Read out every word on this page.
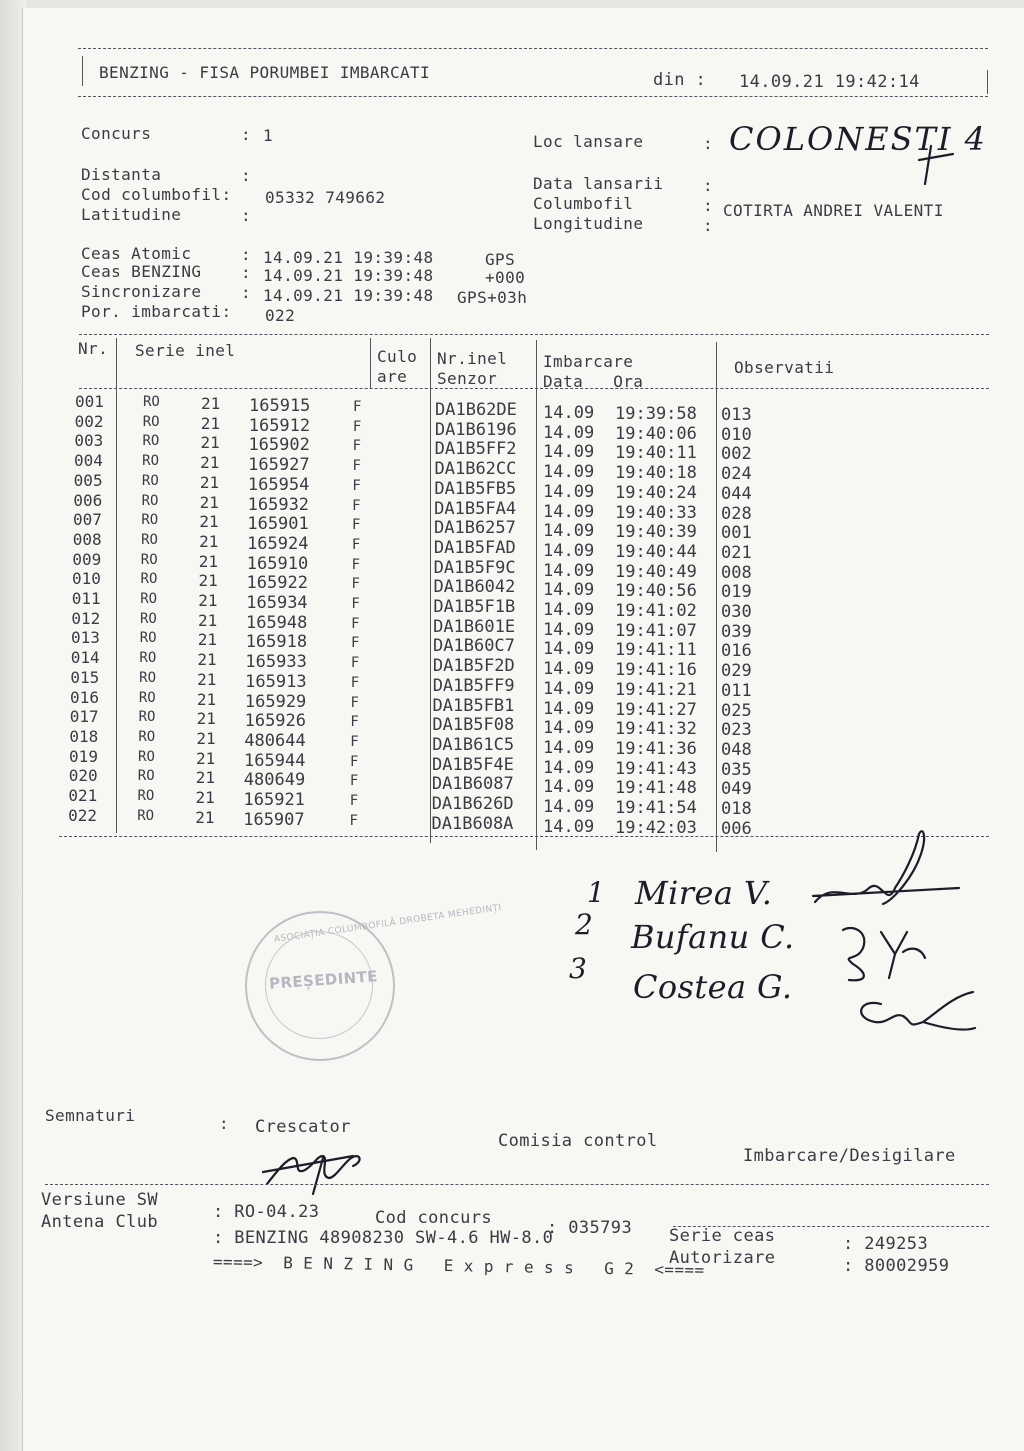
BENZING - FISA PORUMBEI IMBARCATI	din : 14.09.21 19:42:14
Concurs	: 1
Distanta	:
Cod columbofil: 05332 749662
Latitudine	:
Loc lansare	: COLONESTI 4
Data lansarii :
Columbofil	: COTIRTA ANDREI VALENTI
Longitudine	:
Ceas Atomic	: 14.09.21 19:39:48	GPS
Ceas BENZING : 14.09.21 19:39:48	+000
Sincronizare : 14.09.21 19:39:48 GPS+03h
Por. imbarcati: 022
Nr. Serie inel	Culo
are
Nr.inel
Senzor
Imbarcare
Data   Ora
Observatii
001	RO	21 165915	F	DA1B62DE 14.09 19:39:58 013
002	RO	21 165912	F	DA1B6196 14.09 19:40:06 010
003	RO	21 165902	F	DA1B5FF2 14.09 19:40:11 002
004	RO	21 165927	F	DA1B62CC 14.09 19:40:18 024
005	RO	21 165954	F	DA1B5FB5 14.09 19:40:24 044
006	RO	21 165932	F	DA1B5FA4 14.09 19:40:33 028
007	RO	21 165901	F	DA1B6257 14.09 19:40:39 001
008	RO	21 165924	F	DA1B5FAD 14.09 19:40:44 021
009	RO	21 165910	F	DA1B5F9C 14.09 19:40:49 008
010	RO	21 165922	F	DA1B6042 14.09 19:40:56 019
011	RO	21 165934	F	DA1B5F1B 14.09 19:41:02 030
012	RO	21 165948	F	DA1B601E 14.09 19:41:07 039
013	RO	21 165918	F	DA1B60C7 14.09 19:41:11 016
014	RO	21 165933	F	DA1B5F2D 14.09 19:41:16 029
015	RO	21 165913	F	DA1B5FF9 14.09 19:41:21 011
016	RO	21 165929	F	DA1B5FB1 14.09 19:41:27 025
017	RO	21 165926	F	DA1B5F08 14.09 19:41:32 023
018	RO	21 480644	F	DA1B61C5 14.09 19:41:36 048
019	RO	21 165944	F	DA1B5F4E 14.09 19:41:43 035
020	RO	21 480649	F	DA1B6087 14.09 19:41:48 049
021	RO	21 165921	F	DA1B626D 14.09 19:41:54 018
022	RO	21 165907	F	DA1B608A 14.09 19:42:03 006
1 Mirea V.
2 Bufanu C.
3 Costea G.
ASOCIAȚIA COLUMBOFILĂ DROBETA MEHEDINȚI
PREȘEDINTE
Semnaturi	: Crescator
Comisia control
Imbarcare/Desigilare
Versiune SW
Antena Club	: RO-04.23	Cod concurs	: 035793 Serie ceas	: 249253
: BENZING 48908230 SW-4.6 HW-8.0
Autorizare	: 80002959
====>  B E N Z I N G   E x p r e s s   G 2  <====
